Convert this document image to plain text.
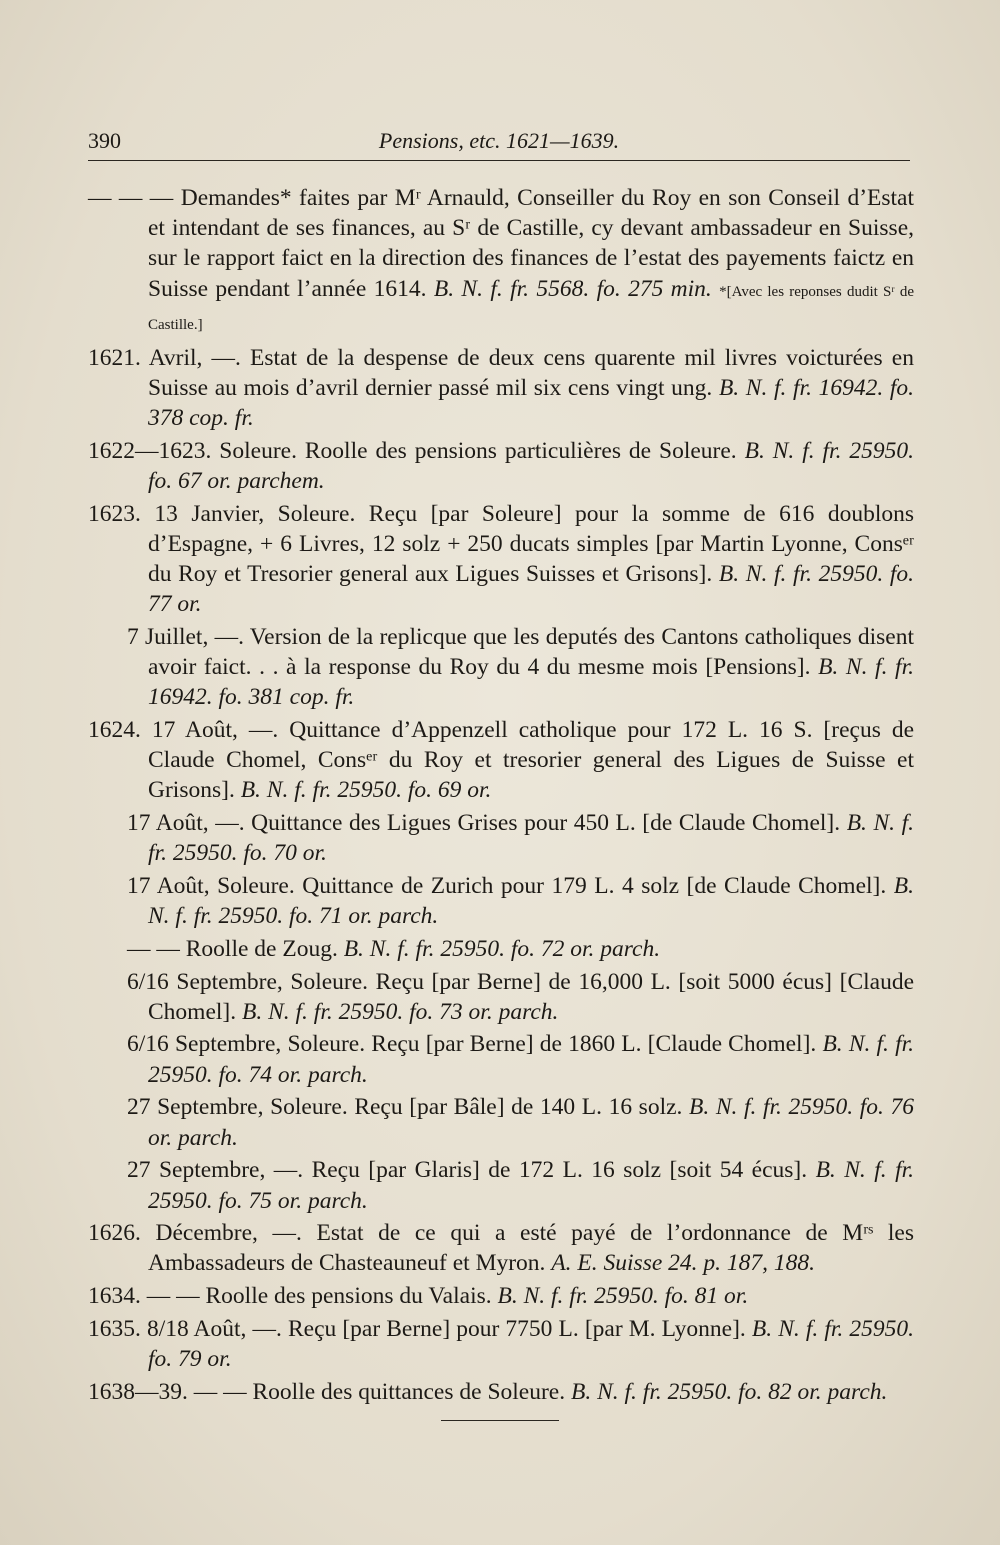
390	Pensions, etc. 1621—1639.

— — — Demandes* faites par Mʳ Arnauld, Conseiller du Roy en son Conseil d’Estat et intendant de ses finances, au Sʳ de Castille, cy devant ambassadeur en Suisse, sur le rapport faict en la direction des finances de l’estat des payements faictz en Suisse pendant l’année 1614. B. N. f. fr. 5568. fo. 275 min. *[Avec les reponses dudit Sʳ de Castille.]

1621. Avril, —. Estat de la despense de deux cens quarente mil livres voicturées en Suisse au mois d’avril dernier passé mil six cens vingt ung. B. N. f. fr. 16942. fo. 378 cop. fr.

1622—1623. Soleure. Roolle des pensions particulières de Soleure. B. N. f. fr. 25950. fo. 67 or. parchem.

1623. 13 Janvier, Soleure. Reçu [par Soleure] pour la somme de 616 doublons d’Espagne, + 6 Livres, 12 solz + 250 ducats simples [par Martin Lyonne, Consᵉʳ du Roy et Tresorier general aux Ligues Suisses et Grisons]. B. N. f. fr. 25950. fo. 77 or.

7 Juillet, —. Version de la replicque que les deputés des Cantons catholiques disent avoir faict. . . à la response du Roy du 4 du mesme mois [Pensions]. B. N. f. fr. 16942. fo. 381 cop. fr.

1624. 17 Août, —. Quittance d’Appenzell catholique pour 172 L. 16 S. [reçus de Claude Chomel, Consᵉʳ du Roy et tresorier general des Ligues de Suisse et Grisons]. B. N. f. fr. 25950. fo. 69 or.

17 Août, —. Quittance des Ligues Grises pour 450 L. [de Claude Chomel]. B. N. f. fr. 25950. fo. 70 or.

17 Août, Soleure. Quittance de Zurich pour 179 L. 4 solz [de Claude Chomel]. B. N. f. fr. 25950. fo. 71 or. parch.

— — Roolle de Zoug. B. N. f. fr. 25950. fo. 72 or. parch.

6/16 Septembre, Soleure. Reçu [par Berne] de 16,000 L. [soit 5000 écus] [Claude Chomel]. B. N. f. fr. 25950. fo. 73 or. parch.

6/16 Septembre, Soleure. Reçu [par Berne] de 1860 L. [Claude Chomel]. B. N. f. fr. 25950. fo. 74 or. parch.

27 Septembre, Soleure. Reçu [par Bâle] de 140 L. 16 solz. B. N. f. fr. 25950. fo. 76 or. parch.

27 Septembre, —. Reçu [par Glaris] de 172 L. 16 solz [soit 54 écus]. B. N. f. fr. 25950. fo. 75 or. parch.

1626. Décembre, —. Estat de ce qui a esté payé de l’ordonnance de Mʳˢ les Ambassadeurs de Chasteauneuf et Myron. A. E. Suisse 24. p. 187, 188.

1634. — — Roolle des pensions du Valais. B. N. f. fr. 25950. fo. 81 or.

1635. 8/18 Août, —. Reçu [par Berne] pour 7750 L. [par M. Lyonne]. B. N. f. fr. 25950. fo. 79 or.

1638—39. — — Roolle des quittances de Soleure. B. N. f. fr. 25950. fo. 82 or. parch.
